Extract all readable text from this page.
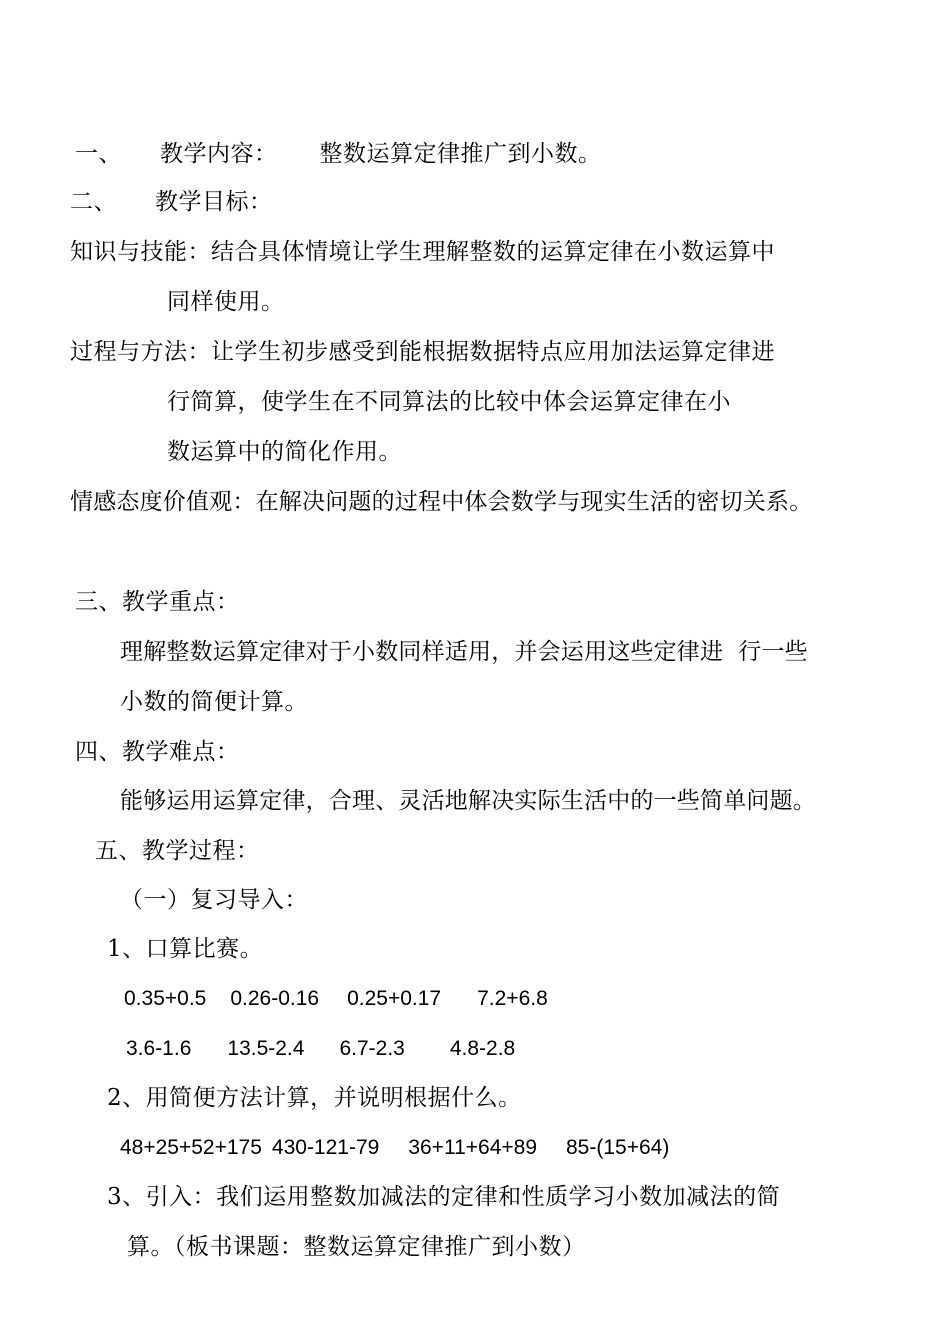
一、 教学内容： 整数运算定律推广到小数。
二、 教学目标：
知识与技能：结合具体情境让学生理解整数的运算定律在小数运算中
同样使用。
过程与方法：让学生初步感受到能根据数据特点应用加法运算定律进
行简算，使学生在不同算法的比较中体会运算定律在小
数运算中的简化作用。
情感态度价值观：在解决问题的过程中体会数学与现实生活的密切关系。
三、教学重点：
理解整数运算定律对于小数同样适用，并会运用这些定律进  行一些
小数的简便计算。
四、教学难点：
能够运用运算定律，合理、灵活地解决实际生活中的一些简单问题。
五、教学过程：
（一）复习导入：
1、口算比赛。
0.35+0.5 0.26-0.16 0.25+0.17 7.2+6.8
3.6-1.6 13.5-2.4 6.7-2.3 4.8-2.8
2、用简便方法计算，并说明根据什么。
48+25+52+175 430-121-79 36+11+64+89 85-(15+64)
3、引入：我们运用整数加减法的定律和性质学习小数加减法的简
算。（板书课题：整数运算定律推广到小数）
